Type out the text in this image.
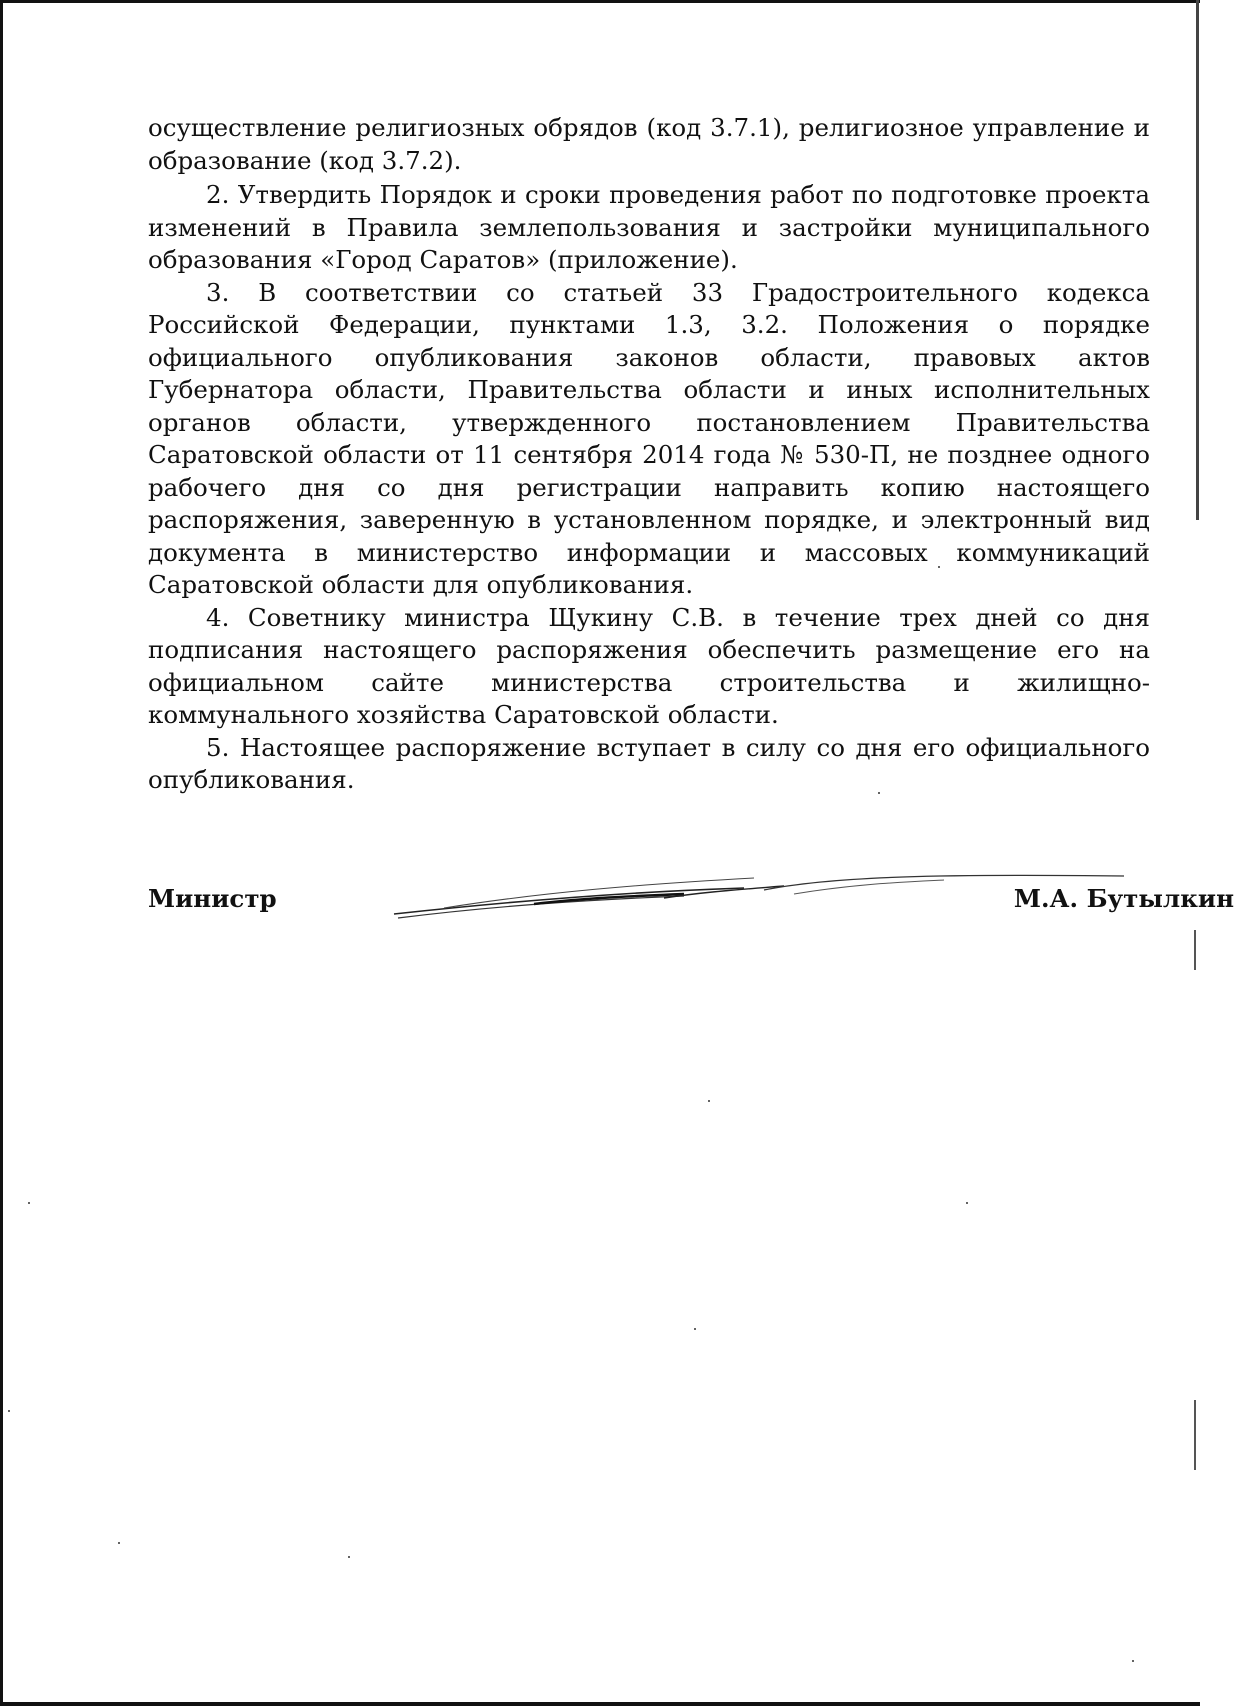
осуществление религиозных обрядов (код 3.7.1), религиозное управление и образование (код 3.7.2).

2. Утвердить Порядок и сроки проведения работ по подготовке проекта изменений в Правила землепользования и застройки муниципального образования «Город Саратов» (приложение).

3. В соответствии со статьей 33 Градостроительного кодекса Российской Федерации, пунктами 1.3, 3.2. Положения о порядке официального опубликования законов области, правовых актов Губернатора области, Правительства области и иных исполнительных органов области, утвержденного постановлением Правительства Саратовской области от 11 сентября 2014 года № 530-П, не позднее одного рабочего дня со дня регистрации направить копию настоящего распоряжения, заверенную в установленном порядке, и электронный вид документа в министерство информации и массовых коммуникаций Саратовской области для опубликования.

4. Советнику министра Щукину С.В. в течение трех дней со дня подписания настоящего распоряжения обеспечить размещение его на официальном сайте министерства строительства и жилищно-коммунального хозяйства Саратовской области.

5. Настоящее распоряжение вступает в силу со дня его официального опубликования.

Министр	М.А. Бутылкин
